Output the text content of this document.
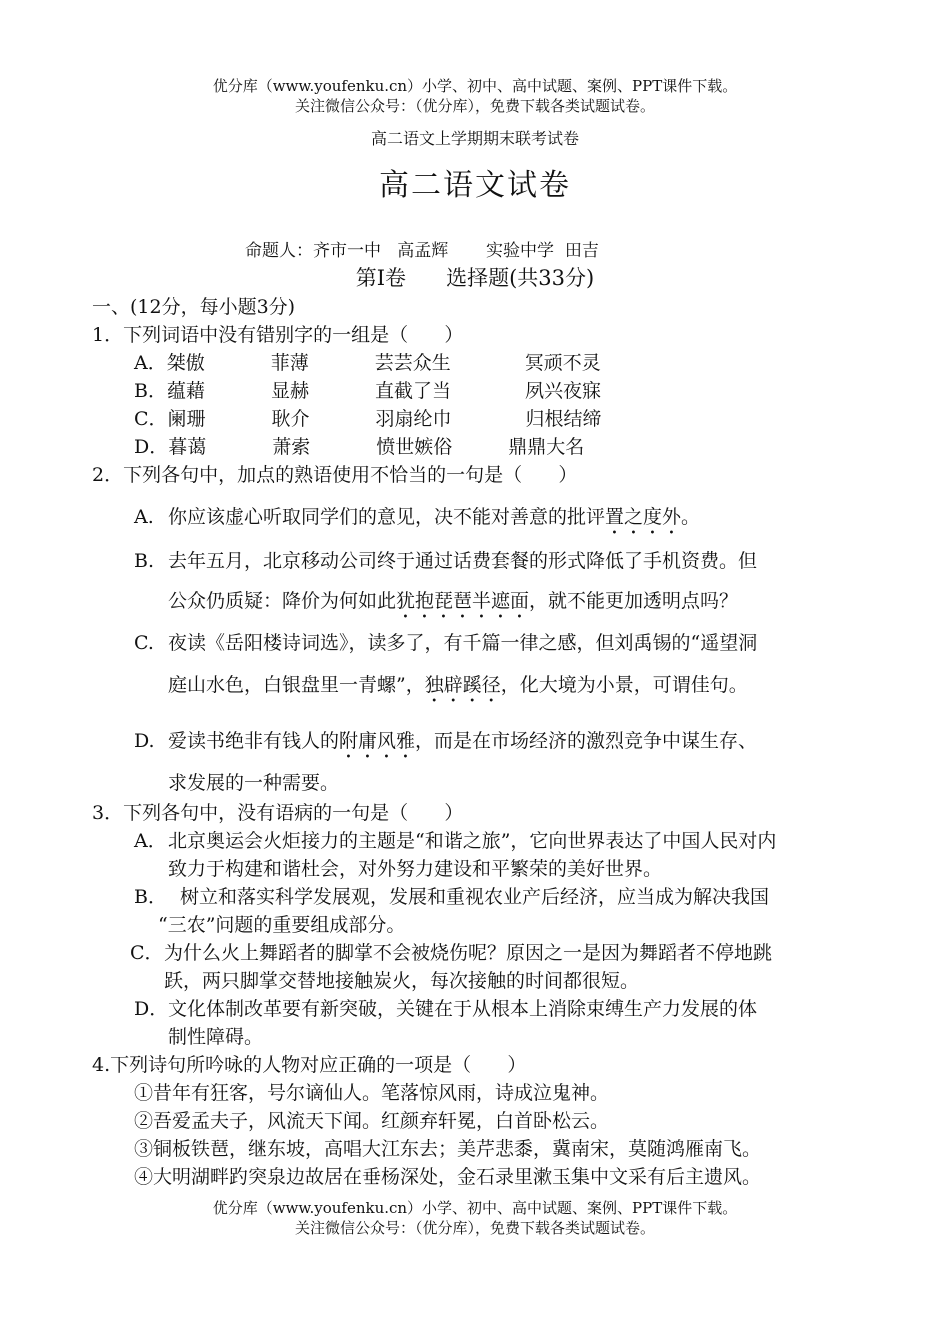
优分库（www.youfenku.cn）小学、初中、高中试题、案例、PPT课件下载。
关注微信公众号：（优分库），免费下载各类试题试卷。
高二语文上学期期末联考试卷
高二语文试卷
命题人：齐市一中   高孟辉       实验中学  田吉
第Ⅰ卷      选择题(共33分)
一、(12分，每小题3分)
1．下列词语中没有错别字的一组是（      ）
A．桀傲	菲薄	芸芸众生	冥顽不灵
B．蕴藉	显赫	直截了当	夙兴夜寐
C．阑珊	耿介	羽扇纶巾	归根结缔
D．暮蔼	萧索	愤世嫉俗	鼎鼎大名
2．下列各句中，加点的熟语使用不恰当的一句是（      ）
A. 你应该虚心听取同学们的意见，决不能对善意的批评置之度外。
B. 去年五月，北京移动公司终于通过话费套餐的形式降低了手机资费。但
公众仍质疑：降价为何如此犹抱琵琶半遮面，就不能更加透明点吗？
C. 夜读《岳阳楼诗词选》，读多了，有千篇一律之感，但刘禹锡的“遥望洞
庭山水色，白银盘里一青螺”，独辟蹊径，化大境为小景，可谓佳句。
D. 爱读书绝非有钱人的附庸风雅，而是在市场经济的激烈竞争中谋生存、
求发展的一种需要。
3．下列各句中，没有语病的一句是（      ）
A．北京奥运会火炬接力的主题是“和谐之旅”，它向世界表达了中国人民对内
致力于构建和谐杜会，对外努力建设和平繁荣的美好世界。
B． 树立和落实科学发展观，发展和重视农业产后经济，应当成为解决我国
“三农”问题的重要组成部分。
C．为什么火上舞蹈者的脚掌不会被烧伤呢？原因之一是因为舞蹈者不停地跳
跃，两只脚掌交替地接触炭火，每次接触的时间都很短。
D．文化体制改革要有新突破，关键在于从根本上消除束缚生产力发展的体
制性障碍。
4.下列诗句所吟咏的人物对应正确的一项是（      ）
①昔年有狂客，号尔谪仙人。笔落惊风雨，诗成泣鬼神。
②吾爱孟夫子，风流天下闻。红颜弃轩冕，白首卧松云。
③铜板铁琶，继东坡，高唱大江东去；美芹悲黍，冀南宋，莫随鸿雁南飞。
④大明湖畔趵突泉边故居在垂杨深处，金石录里漱玉集中文采有后主遗风。
优分库（www.youfenku.cn）小学、初中、高中试题、案例、PPT课件下载。
关注微信公众号：（优分库），免费下载各类试题试卷。
